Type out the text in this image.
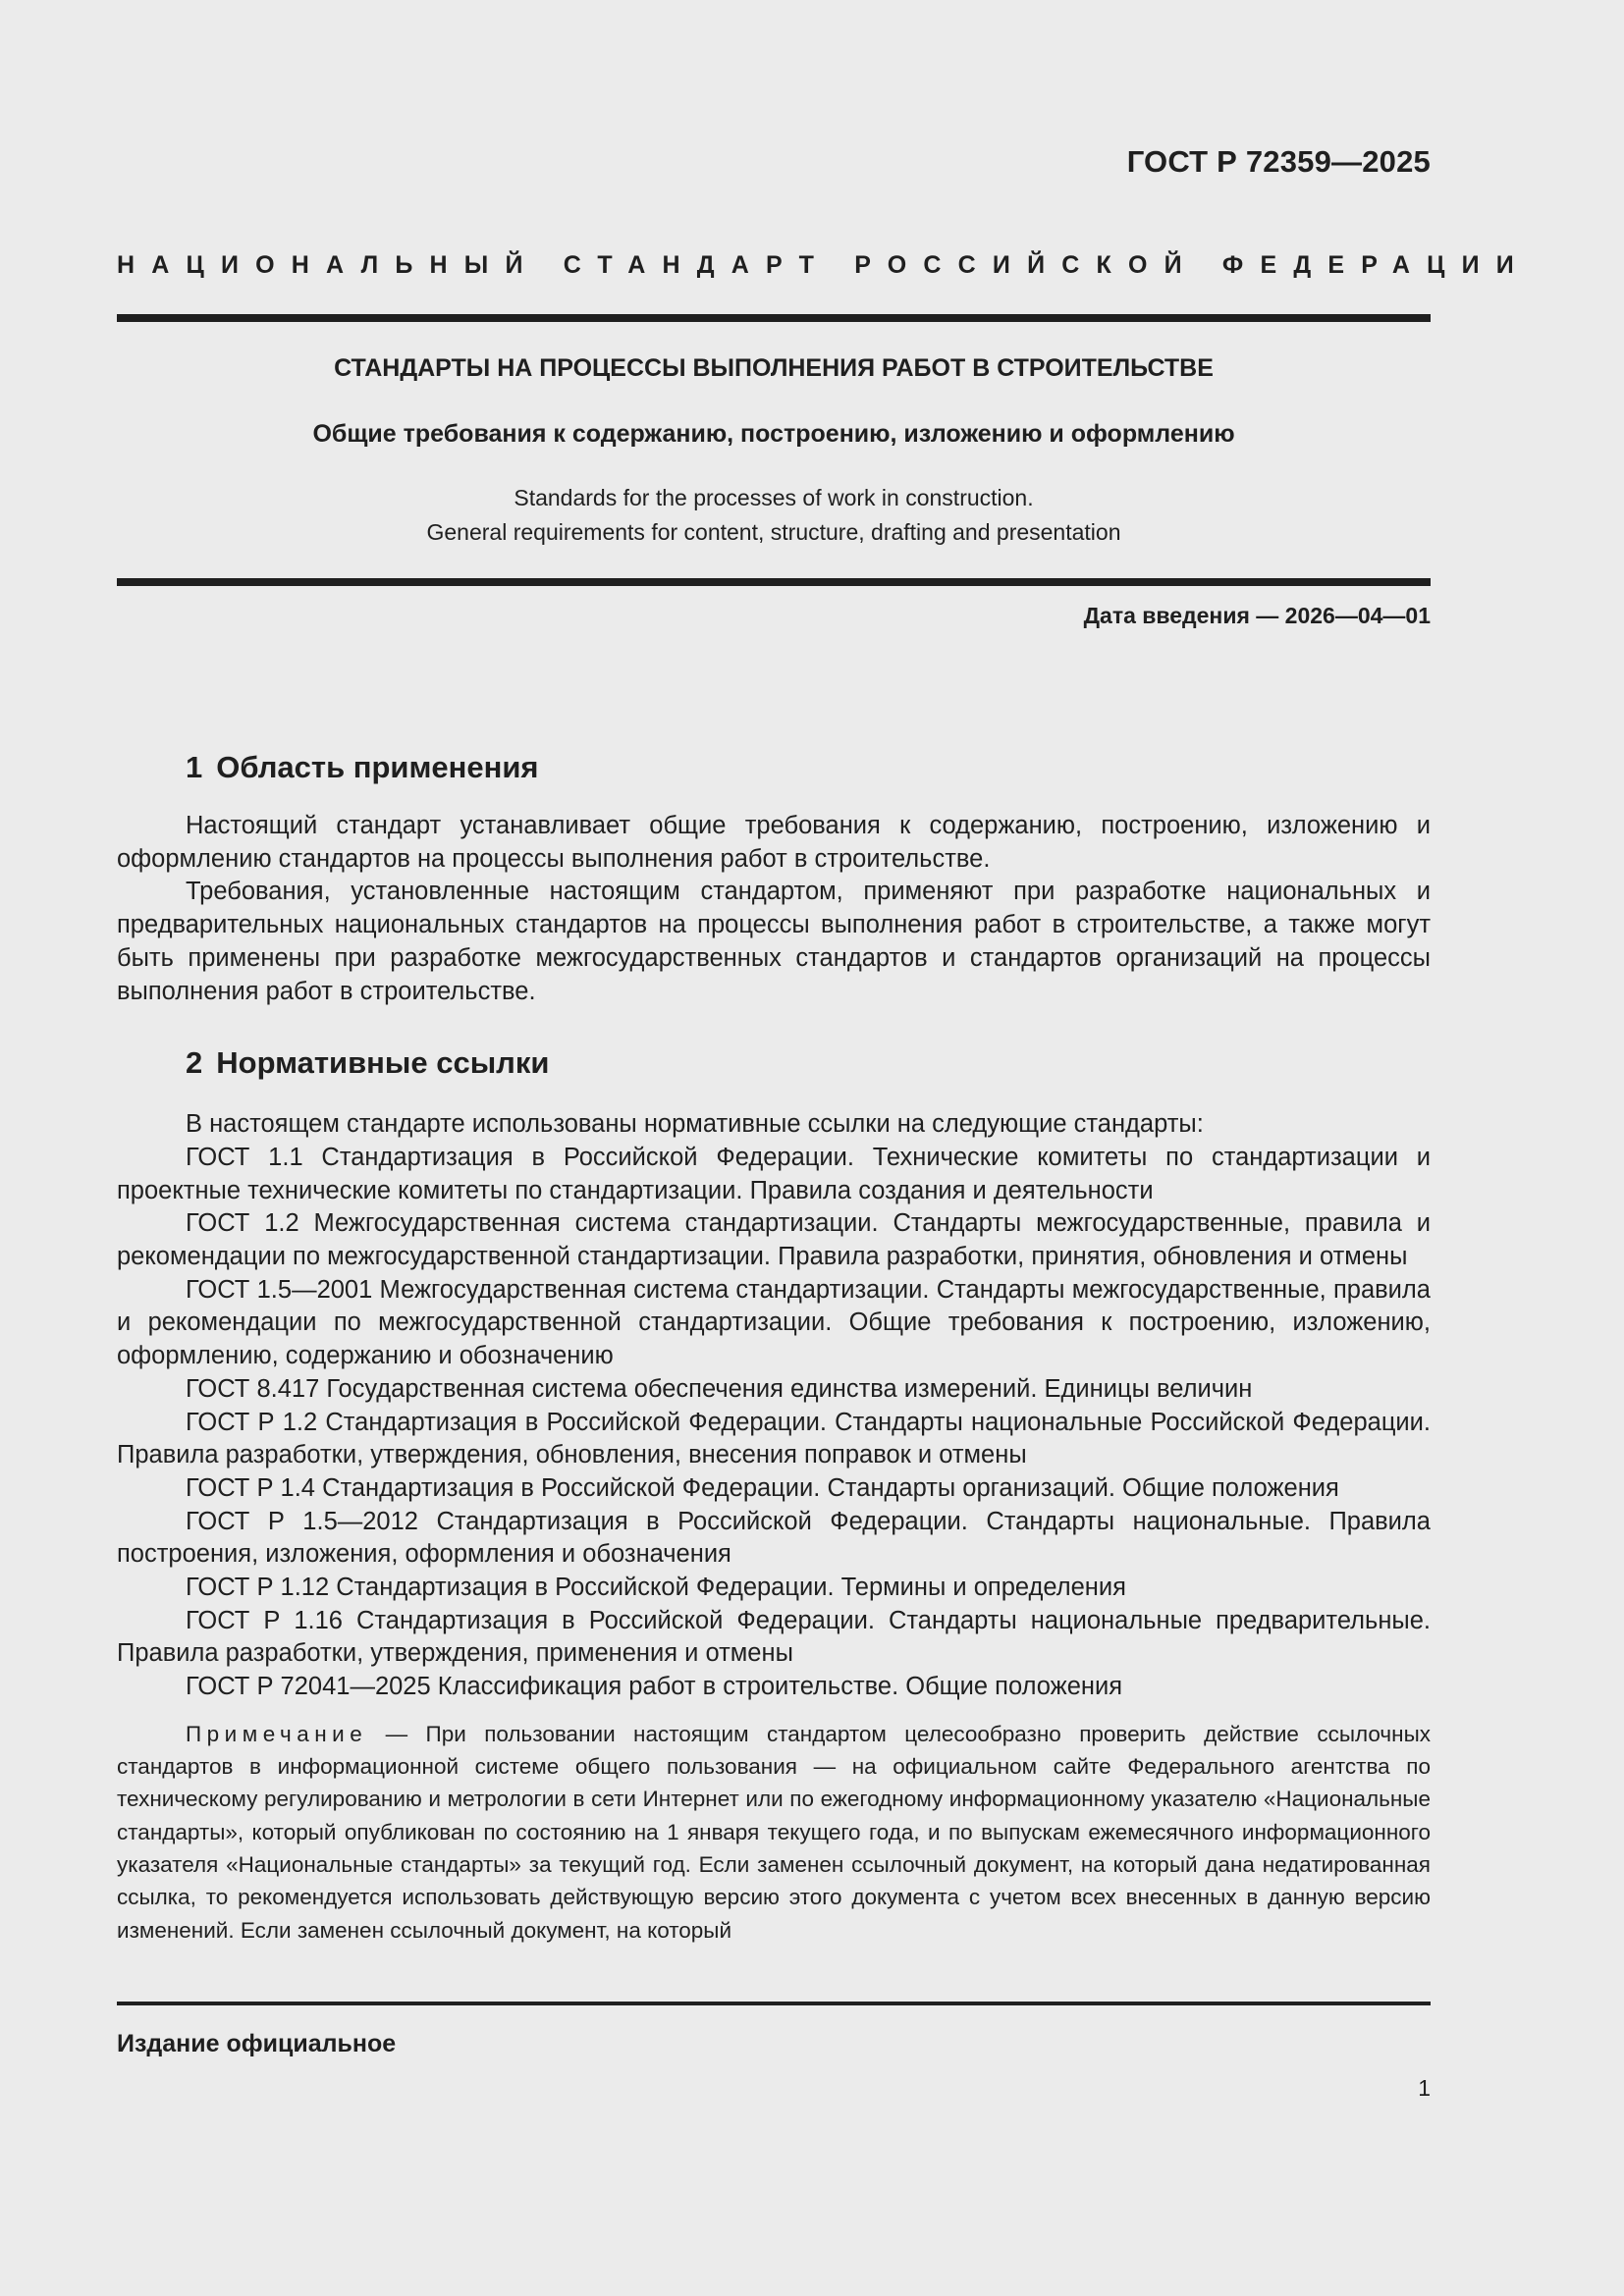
ГОСТ Р 72359—2025
НАЦИОНАЛЬНЫЙ СТАНДАРТ РОССИЙСКОЙ ФЕДЕРАЦИИ
СТАНДАРТЫ НА ПРОЦЕССЫ ВЫПОЛНЕНИЯ РАБОТ В СТРОИТЕЛЬСТВЕ
Общие требования к содержанию, построению, изложению и оформлению
Standards for the processes of work in construction.
General requirements for content, structure, drafting and presentation
Дата введения — 2026—04—01
1 Область применения

Настоящий стандарт устанавливает общие требования к содержанию, построению, изложению и оформлению стандартов на процессы выполнения работ в строительстве.

Требования, установленные настоящим стандартом, применяют при разработке национальных и предварительных национальных стандартов на процессы выполнения работ в строительстве, а также могут быть применены при разработке межгосударственных стандартов и стандартов организаций на процессы выполнения работ в строительстве.

2 Нормативные ссылки

В настоящем стандарте использованы нормативные ссылки на следующие стандарты:

ГОСТ 1.1 Стандартизация в Российской Федерации. Технические комитеты по стандартизации и проектные технические комитеты по стандартизации. Правила создания и деятельности

ГОСТ 1.2 Межгосударственная система стандартизации. Стандарты межгосударственные, правила и рекомендации по межгосударственной стандартизации. Правила разработки, принятия, обновления и отмены

ГОСТ 1.5—2001 Межгосударственная система стандартизации. Стандарты межгосударственные, правила и рекомендации по межгосударственной стандартизации. Общие требования к построению, изложению, оформлению, содержанию и обозначению

ГОСТ 8.417 Государственная система обеспечения единства измерений. Единицы величин

ГОСТ Р 1.2 Стандартизация в Российской Федерации. Стандарты национальные Российской Федерации. Правила разработки, утверждения, обновления, внесения поправок и отмены

ГОСТ Р 1.4 Стандартизация в Российской Федерации. Стандарты организаций. Общие положения

ГОСТ Р 1.5—2012 Стандартизация в Российской Федерации. Стандарты национальные. Правила построения, изложения, оформления и обозначения

ГОСТ Р 1.12 Стандартизация в Российской Федерации. Термины и определения

ГОСТ Р 1.16 Стандартизация в Российской Федерации. Стандарты национальные предварительные. Правила разработки, утверждения, применения и отмены

ГОСТ Р 72041—2025 Классификация работ в строительстве. Общие положения

Примечание — При пользовании настоящим стандартом целесообразно проверить действие ссылочных стандартов в информационной системе общего пользования — на официальном сайте Федерального агентства по техническому регулированию и метрологии в сети Интернет или по ежегодному информационному указателю «Национальные стандарты», который опубликован по состоянию на 1 января текущего года, и по выпускам ежемесячного информационного указателя «Национальные стандарты» за текущий год. Если заменен ссылочный документ, на который дана недатированная ссылка, то рекомендуется использовать действующую версию этого документа с учетом всех внесенных в данную версию изменений. Если заменен ссылочный документ, на который

Издание официальное
1
